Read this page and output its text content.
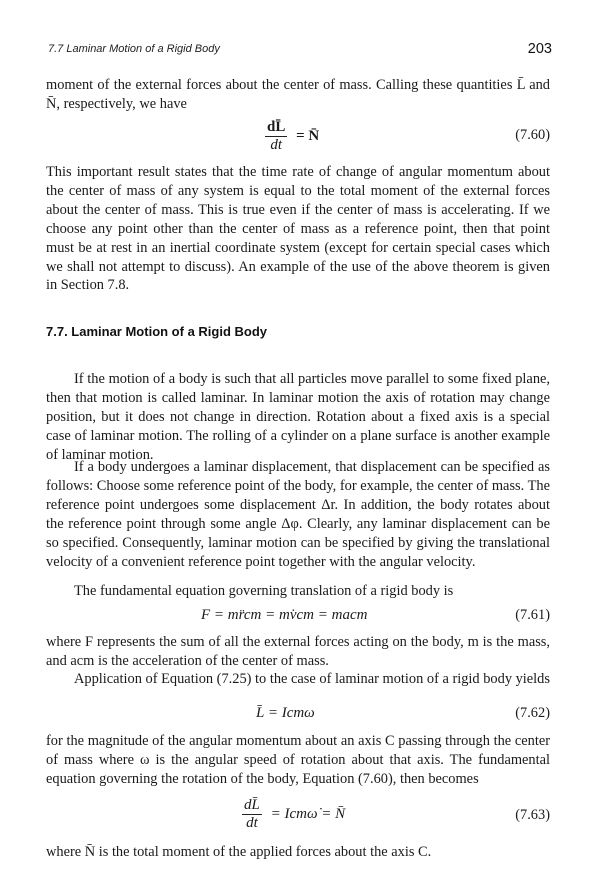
7.7 Laminar Motion of a Rigid Body	203

moment of the external forces about the center of mass. Calling these quantities L̄ and N̄, respectively, we have

$\frac{dL̄}{dt}$ = N̄	(7.60)

This important result states that the time rate of change of angular momentum about the center of mass of any system is equal to the total moment of the external forces about the center of mass. This is true even if the center of mass is accelerating. If we choose any point other than the center of mass as a reference point, then that point must be at rest in an inertial coordinate system (except for certain special cases which we shall not attempt to discuss). An example of the use of the above theorem is given in Section 7.8.

7.7. Laminar Motion of a Rigid Body

If the motion of a body is such that all particles move parallel to some fixed plane, then that motion is called laminar. In laminar motion the axis of rotation may change position, but it does not change in direction. Rotation about a fixed axis is a special case of laminar motion. The rolling of a cylinder on a plane surface is another example of laminar motion.

If a body undergoes a laminar displacement, that displacement can be specified as follows: Choose some reference point of the body, for example, the center of mass. The reference point undergoes some displacement Δr. In addition, the body rotates about the reference point through some angle Δφ. Clearly, any laminar displacement can be so specified. Consequently, laminar motion can be specified by giving the translational velocity of a convenient reference point together with the angular velocity.

The fundamental equation governing translation of a rigid body is

F = mr̈cm = mv̇cm = macm	(7.61)

where F represents the sum of all the external forces acting on the body, m is the mass, and acm is the acceleration of the center of mass.

Application of Equation (7.25) to the case of laminar motion of a rigid body yields

L̄ = Icmω	(7.62)

for the magnitude of the angular momentum about an axis C passing through the center of mass where ω is the angular speed of rotation about that axis. The fundamental equation governing the rotation of the body, Equation (7.60), then becomes

$\frac{dL̄}{dt}$ = Icmω̇ = N̄	(7.63)

where N̄ is the total moment of the applied forces about the axis C.
